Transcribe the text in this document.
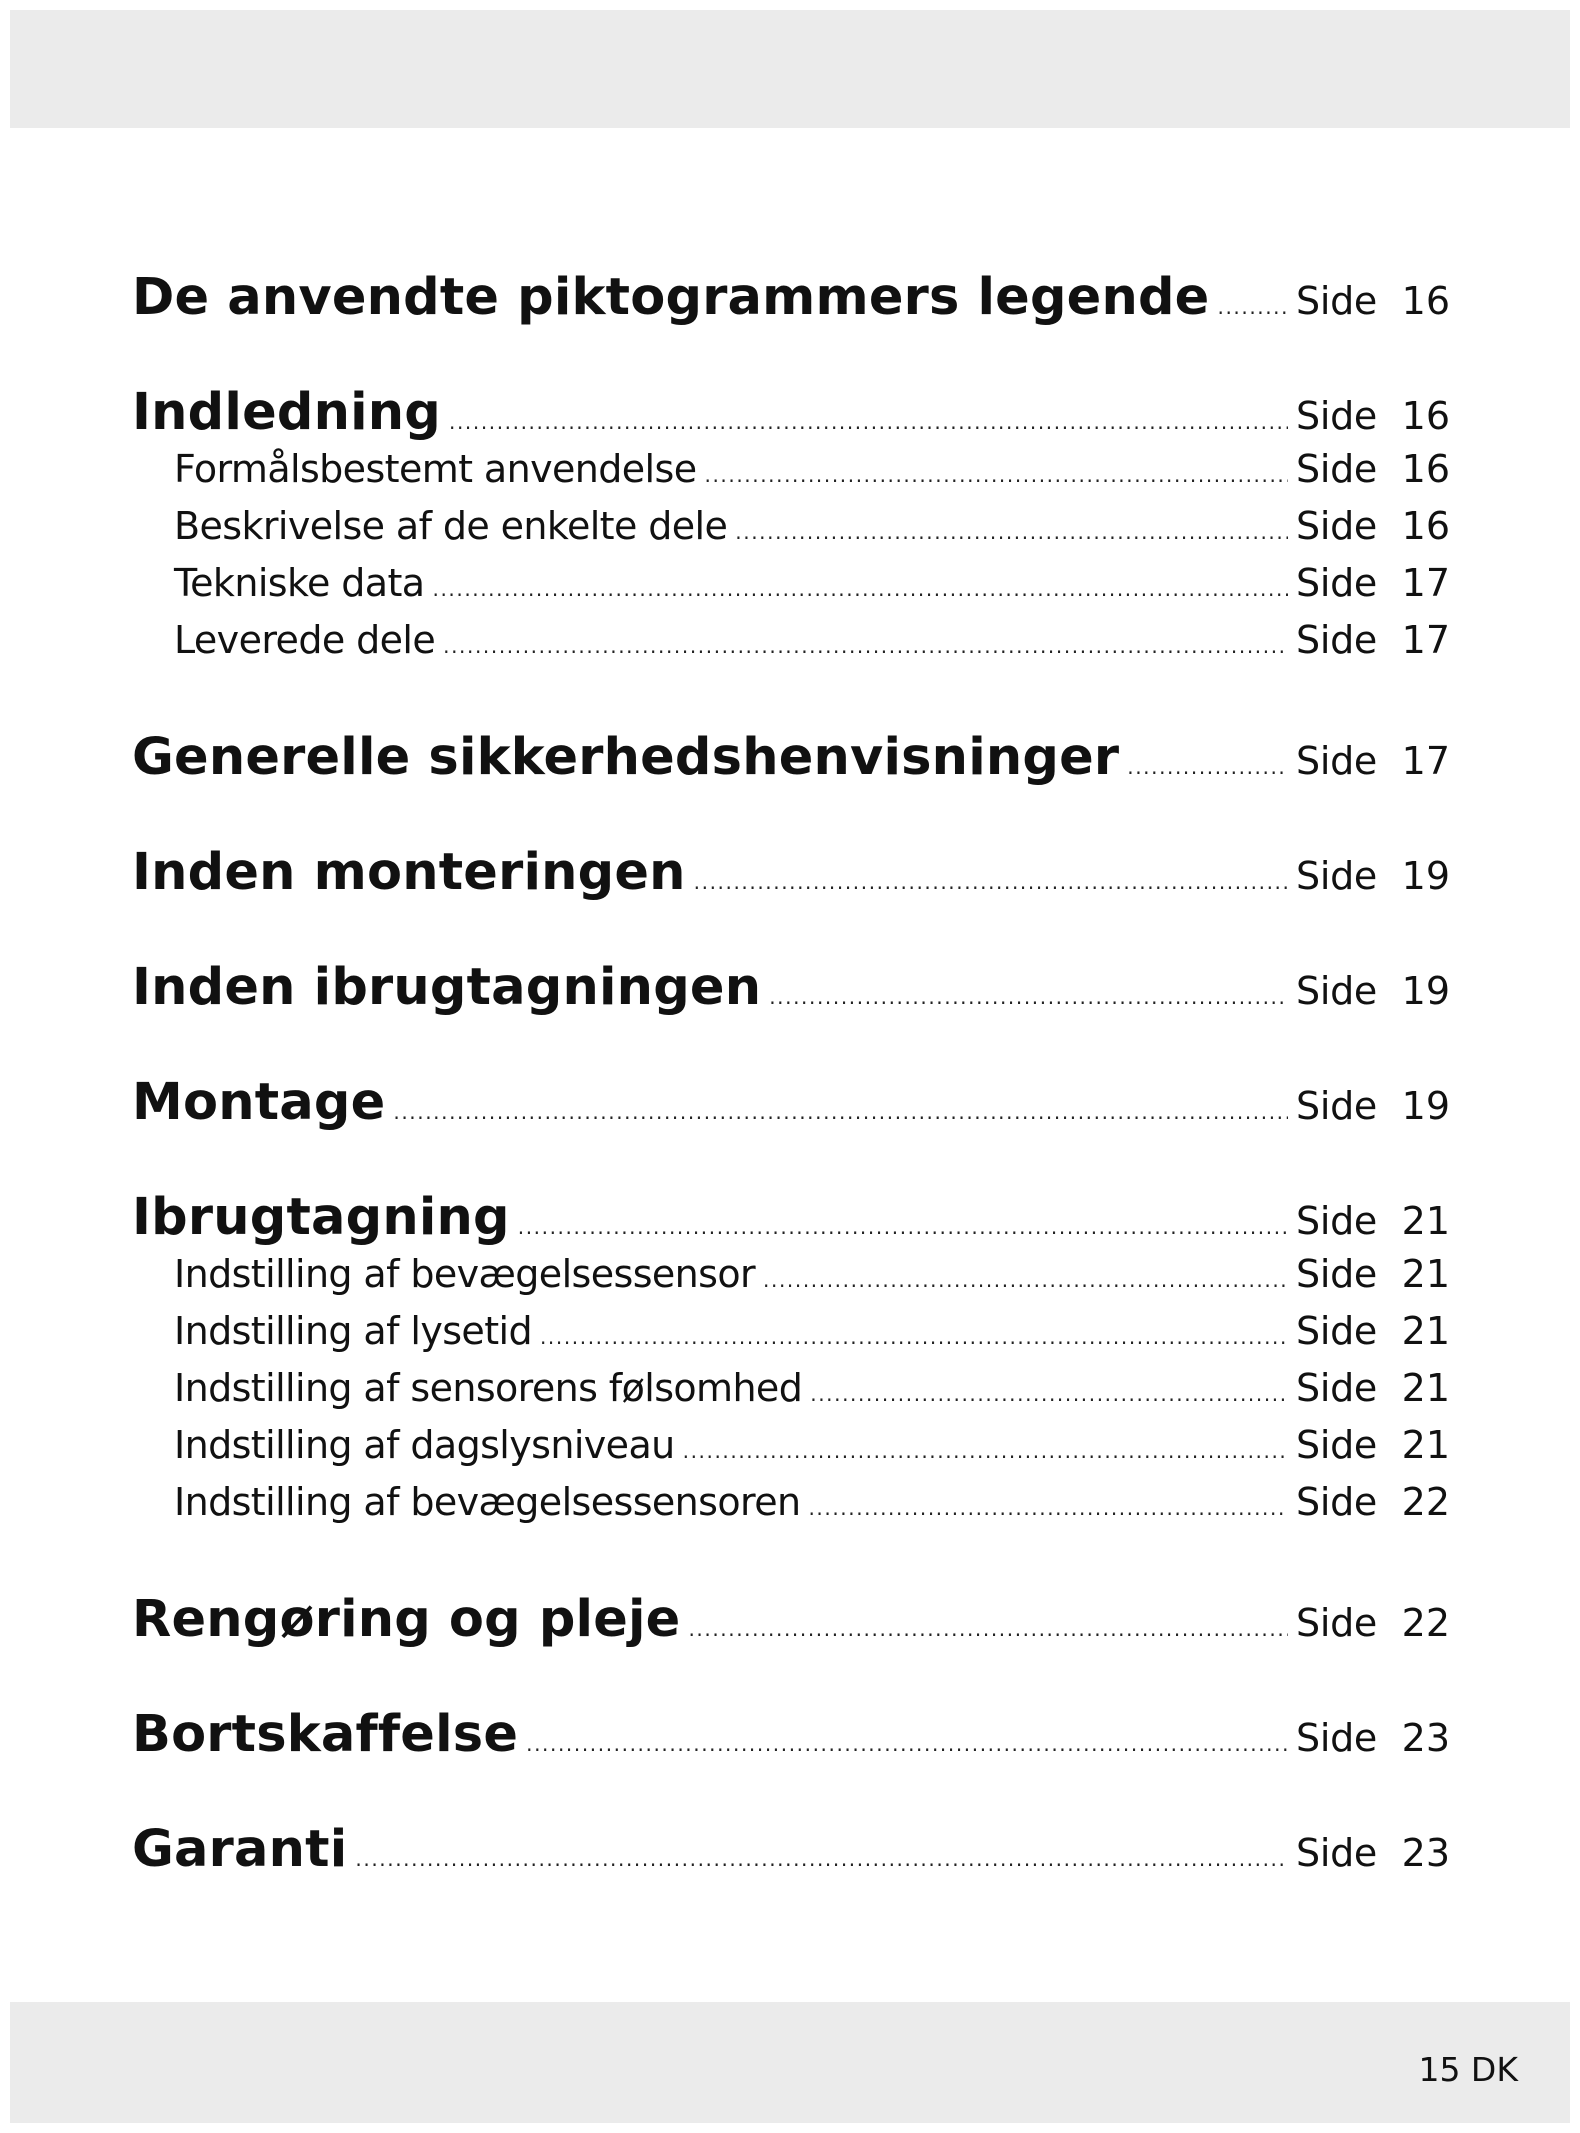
De anvendte piktogrammers legende ..... Side 16
Indledning .....	Side 16
Formålsbestemt anvendelse .....	Side 16
Beskrivelse af de enkelte dele .....	Side 16
Tekniske data .....	Side 17
Leverede dele .....	Side 17
Generelle sikkerhedshenvisninger .....	Side 17
Inden monteringen .....	Side 19
Inden ibrugtagningen .....	Side 19
Montage .....	Side 19
Ibrugtagning .....	Side 21
Indstilling af bevægelsessensor .....	Side 21
Indstilling af lysetid .....	Side 21
Indstilling af sensorens følsomhed .....	Side 21
Indstilling af dagslysniveau .....	Side 21
Indstilling af bevægelsessensoren .....	Side 22
Rengøring og pleje .....	Side 22
Bortskaffelse .....	Side 23
Garanti .....	Side 23
15 DK
